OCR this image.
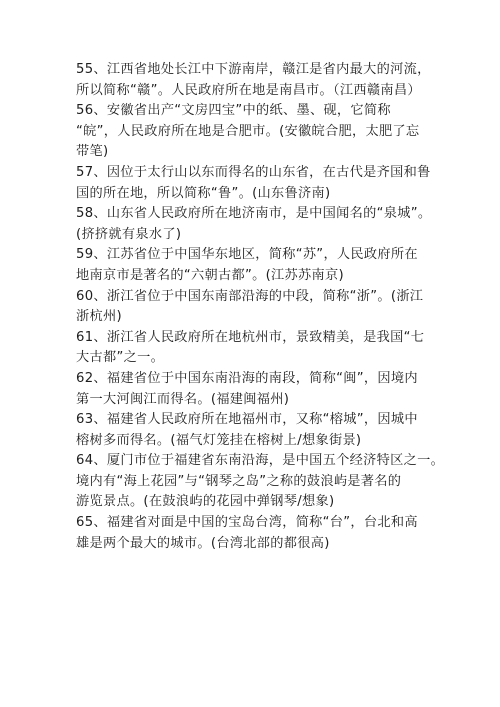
55、江西省地处长江中下游南岸，赣江是省内最大的河流，
所以简称“赣”。人民政府所在地是南昌市。（江西赣南昌）
56、安徽省出产“文房四宝”中的纸、墨、砚，它简称
“皖”，人民政府所在地是合肥市。(安徽皖合肥，太肥了忘
带笔)
57、因位于太行山以东而得名的山东省，在古代是齐国和鲁
国的所在地，所以简称“鲁”。(山东鲁济南)
58、山东省人民政府所在地济南市，是中国闻名的“泉城”。
(挤挤就有泉水了)
59、江苏省位于中国华东地区，简称“苏”，人民政府所在
地南京市是著名的“六朝古都”。(江苏苏南京)
60、浙江省位于中国东南部沿海的中段，简称“浙”。(浙江
浙杭州)
61、浙江省人民政府所在地杭州市，景致精美，是我国“七
大古都”之一。
62、福建省位于中国东南沿海的南段，简称“闽”，因境内
第一大河闽江而得名。(福建闽福州)
63、福建省人民政府所在地福州市，又称“榕城”，因城中
榕树多而得名。(福气灯笼挂在榕树上/想象街景)
64、厦门市位于福建省东南沿海，是中国五个经济特区之一。
境内有“海上花园”与“钢琴之岛”之称的鼓浪屿是著名的
游览景点。(在鼓浪屿的花园中弹钢琴/想象)
65、福建省对面是中国的宝岛台湾，简称“台”，台北和高
雄是两个最大的城市。(台湾北部的都很高)
